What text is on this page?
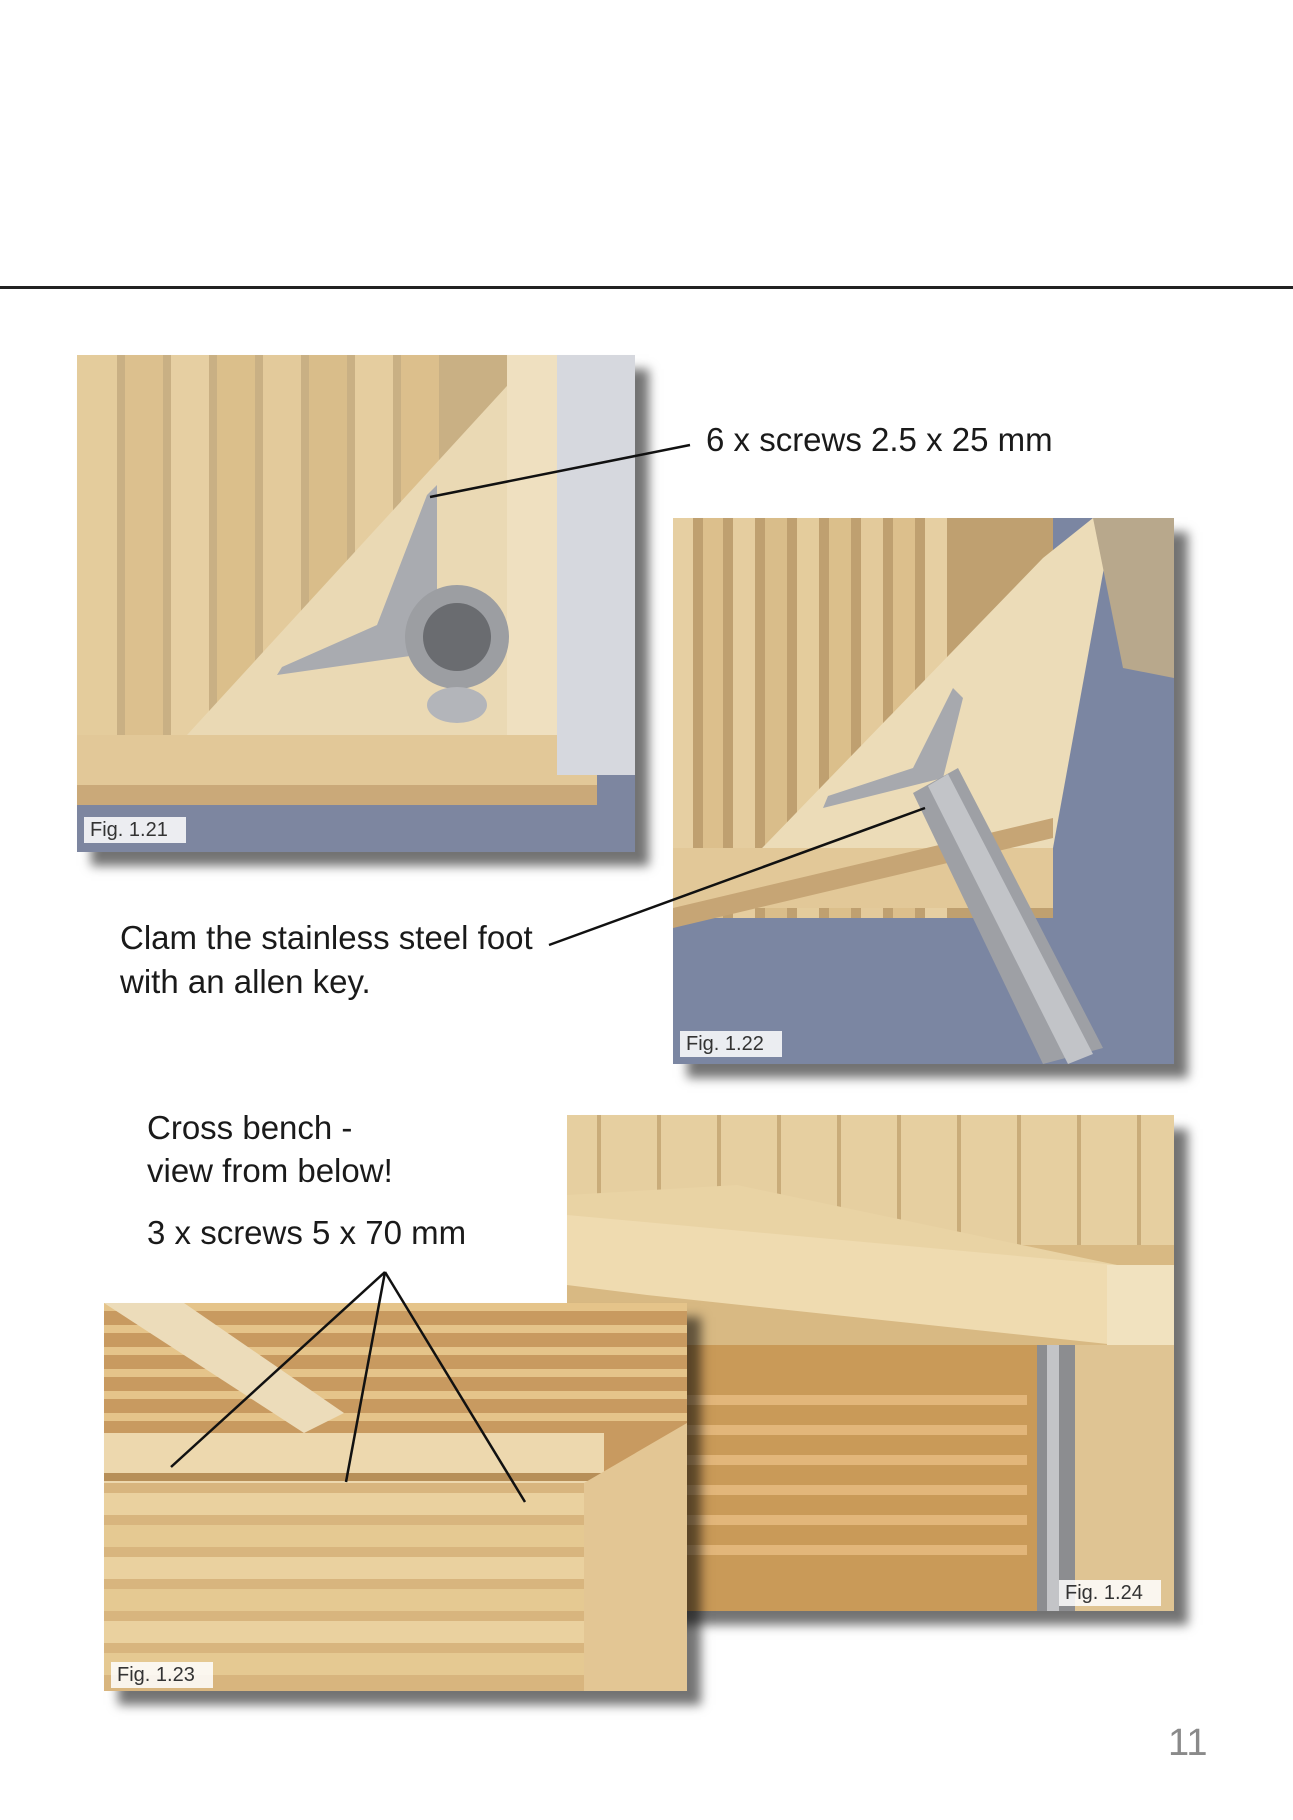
Fig. 1.21
Fig. 1.22
Fig. 1.24
Fig. 1.23
6 x screws 2.5 x 25 mm
Clam the stainless steel foot
with an allen key.
Cross bench -
view from below!
3 x screws 5 x 70 mm
11
